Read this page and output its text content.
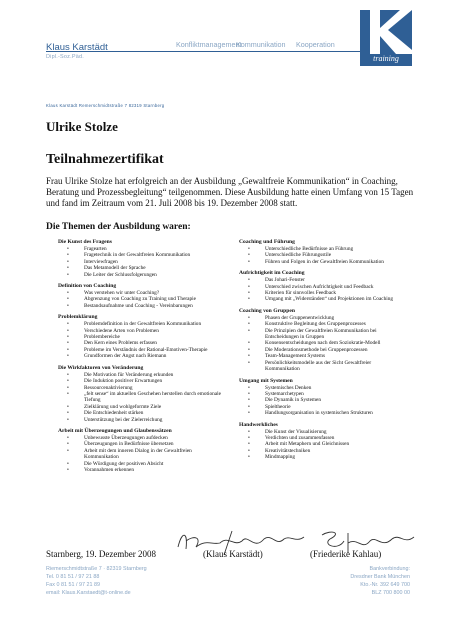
Klaus Karstädt
Dipl.-Soz.Päd.
Konfliktmanagement
Kommunikation Kooperation
training
Klaus Karstädt Remerschmidtstraße 7 82319 Starnberg
Ulrike Stolze
Teilnahmezertifikat
Frau Ulrike Stolze hat erfolgreich an der Ausbildung „Gewaltfreie Kommunikation“ in Coaching, Beratung und Prozessbegleitung“ teilgenommen. Diese Ausbildung hatte einen Umfang von 15 Tagen und fand im Zeitraum vom 21. Juli 2008 bis 19. Dezember 2008 statt.
Die Themen der Ausbildung waren:
Die Kunst des Fragens
• Fragearten
• Fragetechnik in der Gewaltfreien Kommunikation
• Interviewfragen
• Das Metamodell der Sprache
• Die Leiter der Schlussfolgerungen
Definition von Coaching
• Was verstehen wir unter Coaching?
• Abgrenzung von Coaching zu Training und Therapie
• Bestandsaufnahme und Coaching - Vereinbarungen
Problemklärung
• Problemdefinition in der Gewaltfreien Kommunikation
• Verschiedene Arten von Problemen
• Problembereiche
• Den Kern eines Problems erfassen
• Probleme im Verständnis der Rational-Emotiven-Therapie
• Grundformen der Angst nach Riemann
Die Wirkfaktoren von Veränderung
• Die Motivation für Veränderung erkunden
• Die Induktion positiver Erwartungen
• Ressourcenaktivierung
• „felt sense“ im aktuellen Geschehen herstellen durch emotionale Tiefung
• Zielklärung und wohlgeformte Ziele
• Die Entschiedenheit stärken
• Unterstützung bei der Zielerreichung
Arbeit mit Überzeugungen und Glaubenssätzen
• Unbewusste Überzeugungen aufdecken
• Überzeugungen in Bedürfnisse übersetzen
• Arbeit mit dem inneren Dialog in der Gewaltfreien Kommunikation
• Die Würdigung der positiven Absicht
• Vorannahmen erkennen
Coaching und Führung
• Unterschiedliche Bedürfnisse an Führung
• Unterschiedliche Führungsstile
• Führen und Folgen in der Gewaltfreien Kommunikation
Aufrichtigkeit im Coaching
• Das Johari-Fenster
• Unterschied zwischen Aufrichtigkeit und Feedback
• Kriterien für sinnvolles Feedback
• Umgang mit „Widerständen“ und Projektionen im Coaching
Coaching von Gruppen
• Phasen der Gruppenentwicklung
• Konstruktive Begleitung des Gruppenprozesses
• Die Prinzipien der Gewaltfreien Kommunikation bei Entscheidungen in Gruppen
• Konsensentscheidungen nach dem Soziokratie-Modell
• Die Moderationsmethode bei Gruppenprozessen
• Team-Management Systems
• Persönlichkeitsmodelle aus der Sicht Gewaltfreier Kommunikation
Umgang mit Systemen
• Systemisches Denken
• Systemarchetypen
• Die Dynamik in Systemen
• Spieltheorie
• Handlungsorganisation in systemischen Strukturen
Handwerkliches
• Die Kunst der Visualisierung
• Verdichten und zusammenfassen
• Arbeit mit Metaphern und Gleichnissen
• Kreativitätstechniken
• Mindmapping
Starnberg, 19. Dezember 2008	(Klaus Karstädt)	(Friederike Kahlau)
Riemerschmidtstraße 7 · 82319 Starnberg
Tel. 0 81 51 / 97 21 88
Fax 0 81 51 / 97 21 89
email: Klaus.Karstaedt@t-online.de
Bankverbindung:
Dresdner Bank München
Kto.-Nr. 392 649 700
BLZ 700 800 00
